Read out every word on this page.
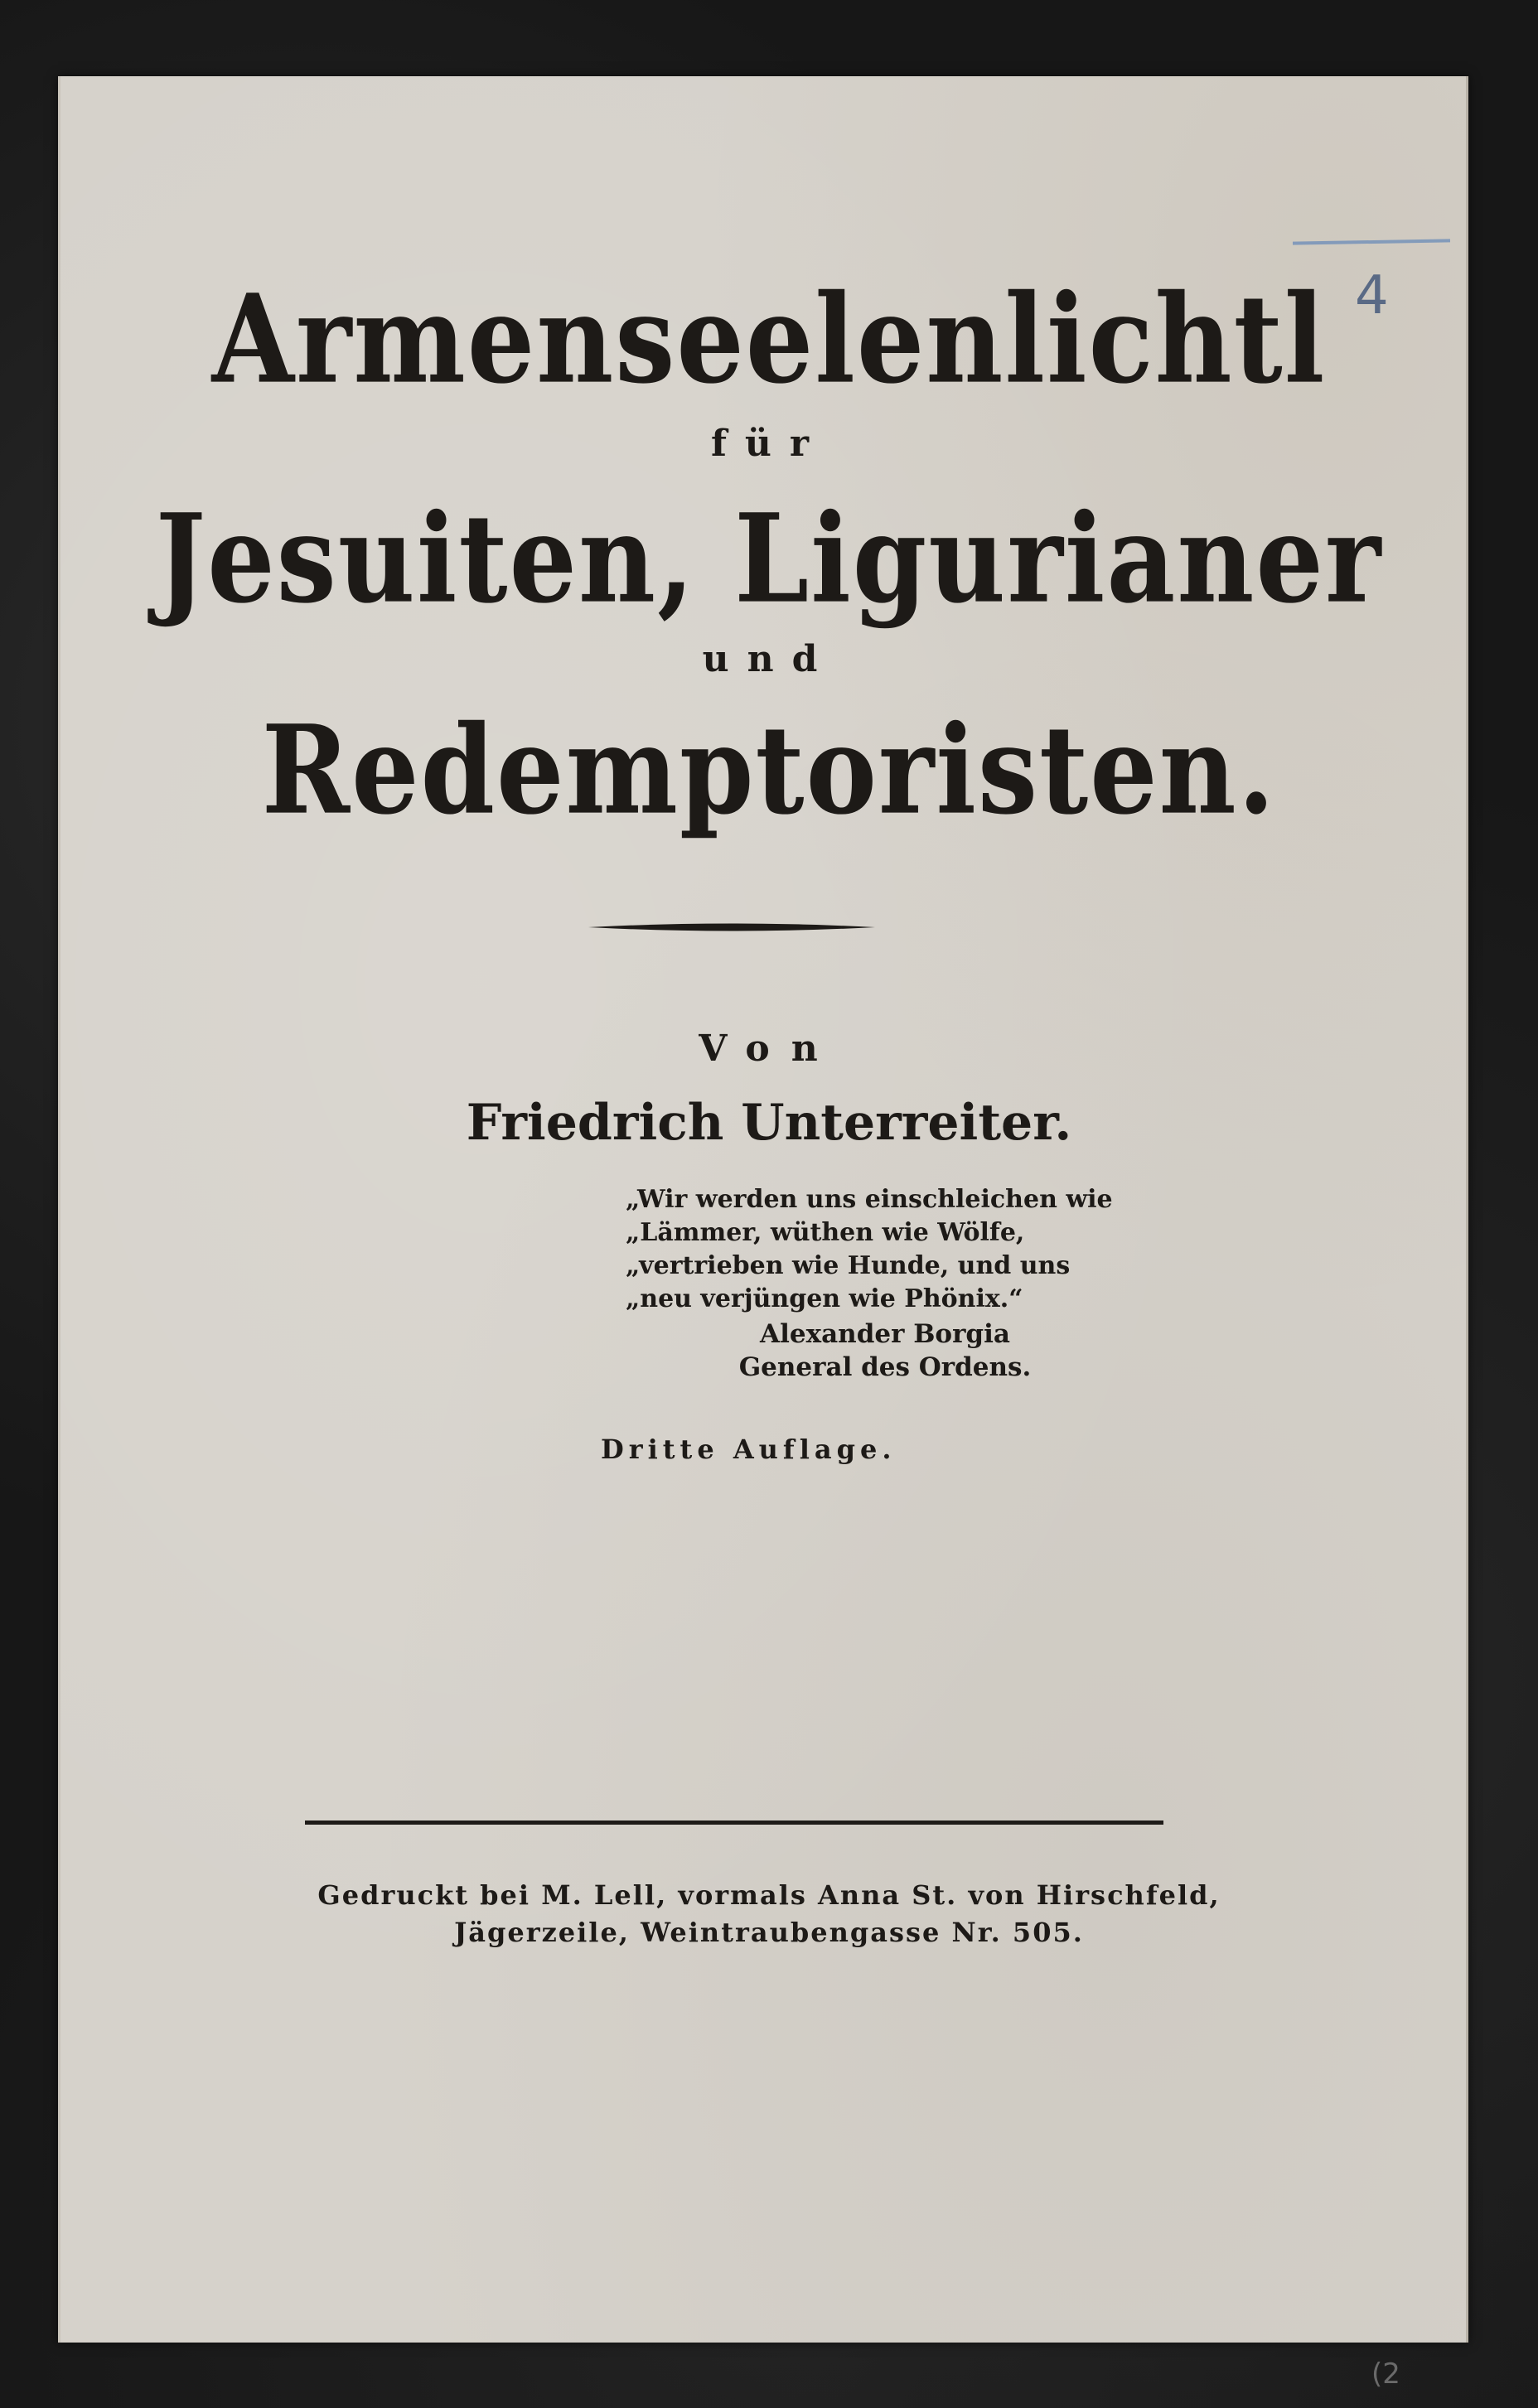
4
Armenseelenlichtl
für
Jesuiten, Ligurianer
und
Redemptoristen.
Von
Friedrich Unterreiter.
„Wir werden uns einschleichen wie
„Lämmer, wüthen wie Wölfe,
„vertrieben wie Hunde, und uns
„neu verjüngen wie Phönix.“
Alexander Borgia
General des Ordens.
Dritte Auflage.
Gedruckt bei M. Lell, vormals Anna St. von Hirschfeld,
Jägerzeile, Weintraubengasse Nr. 505.
(2
